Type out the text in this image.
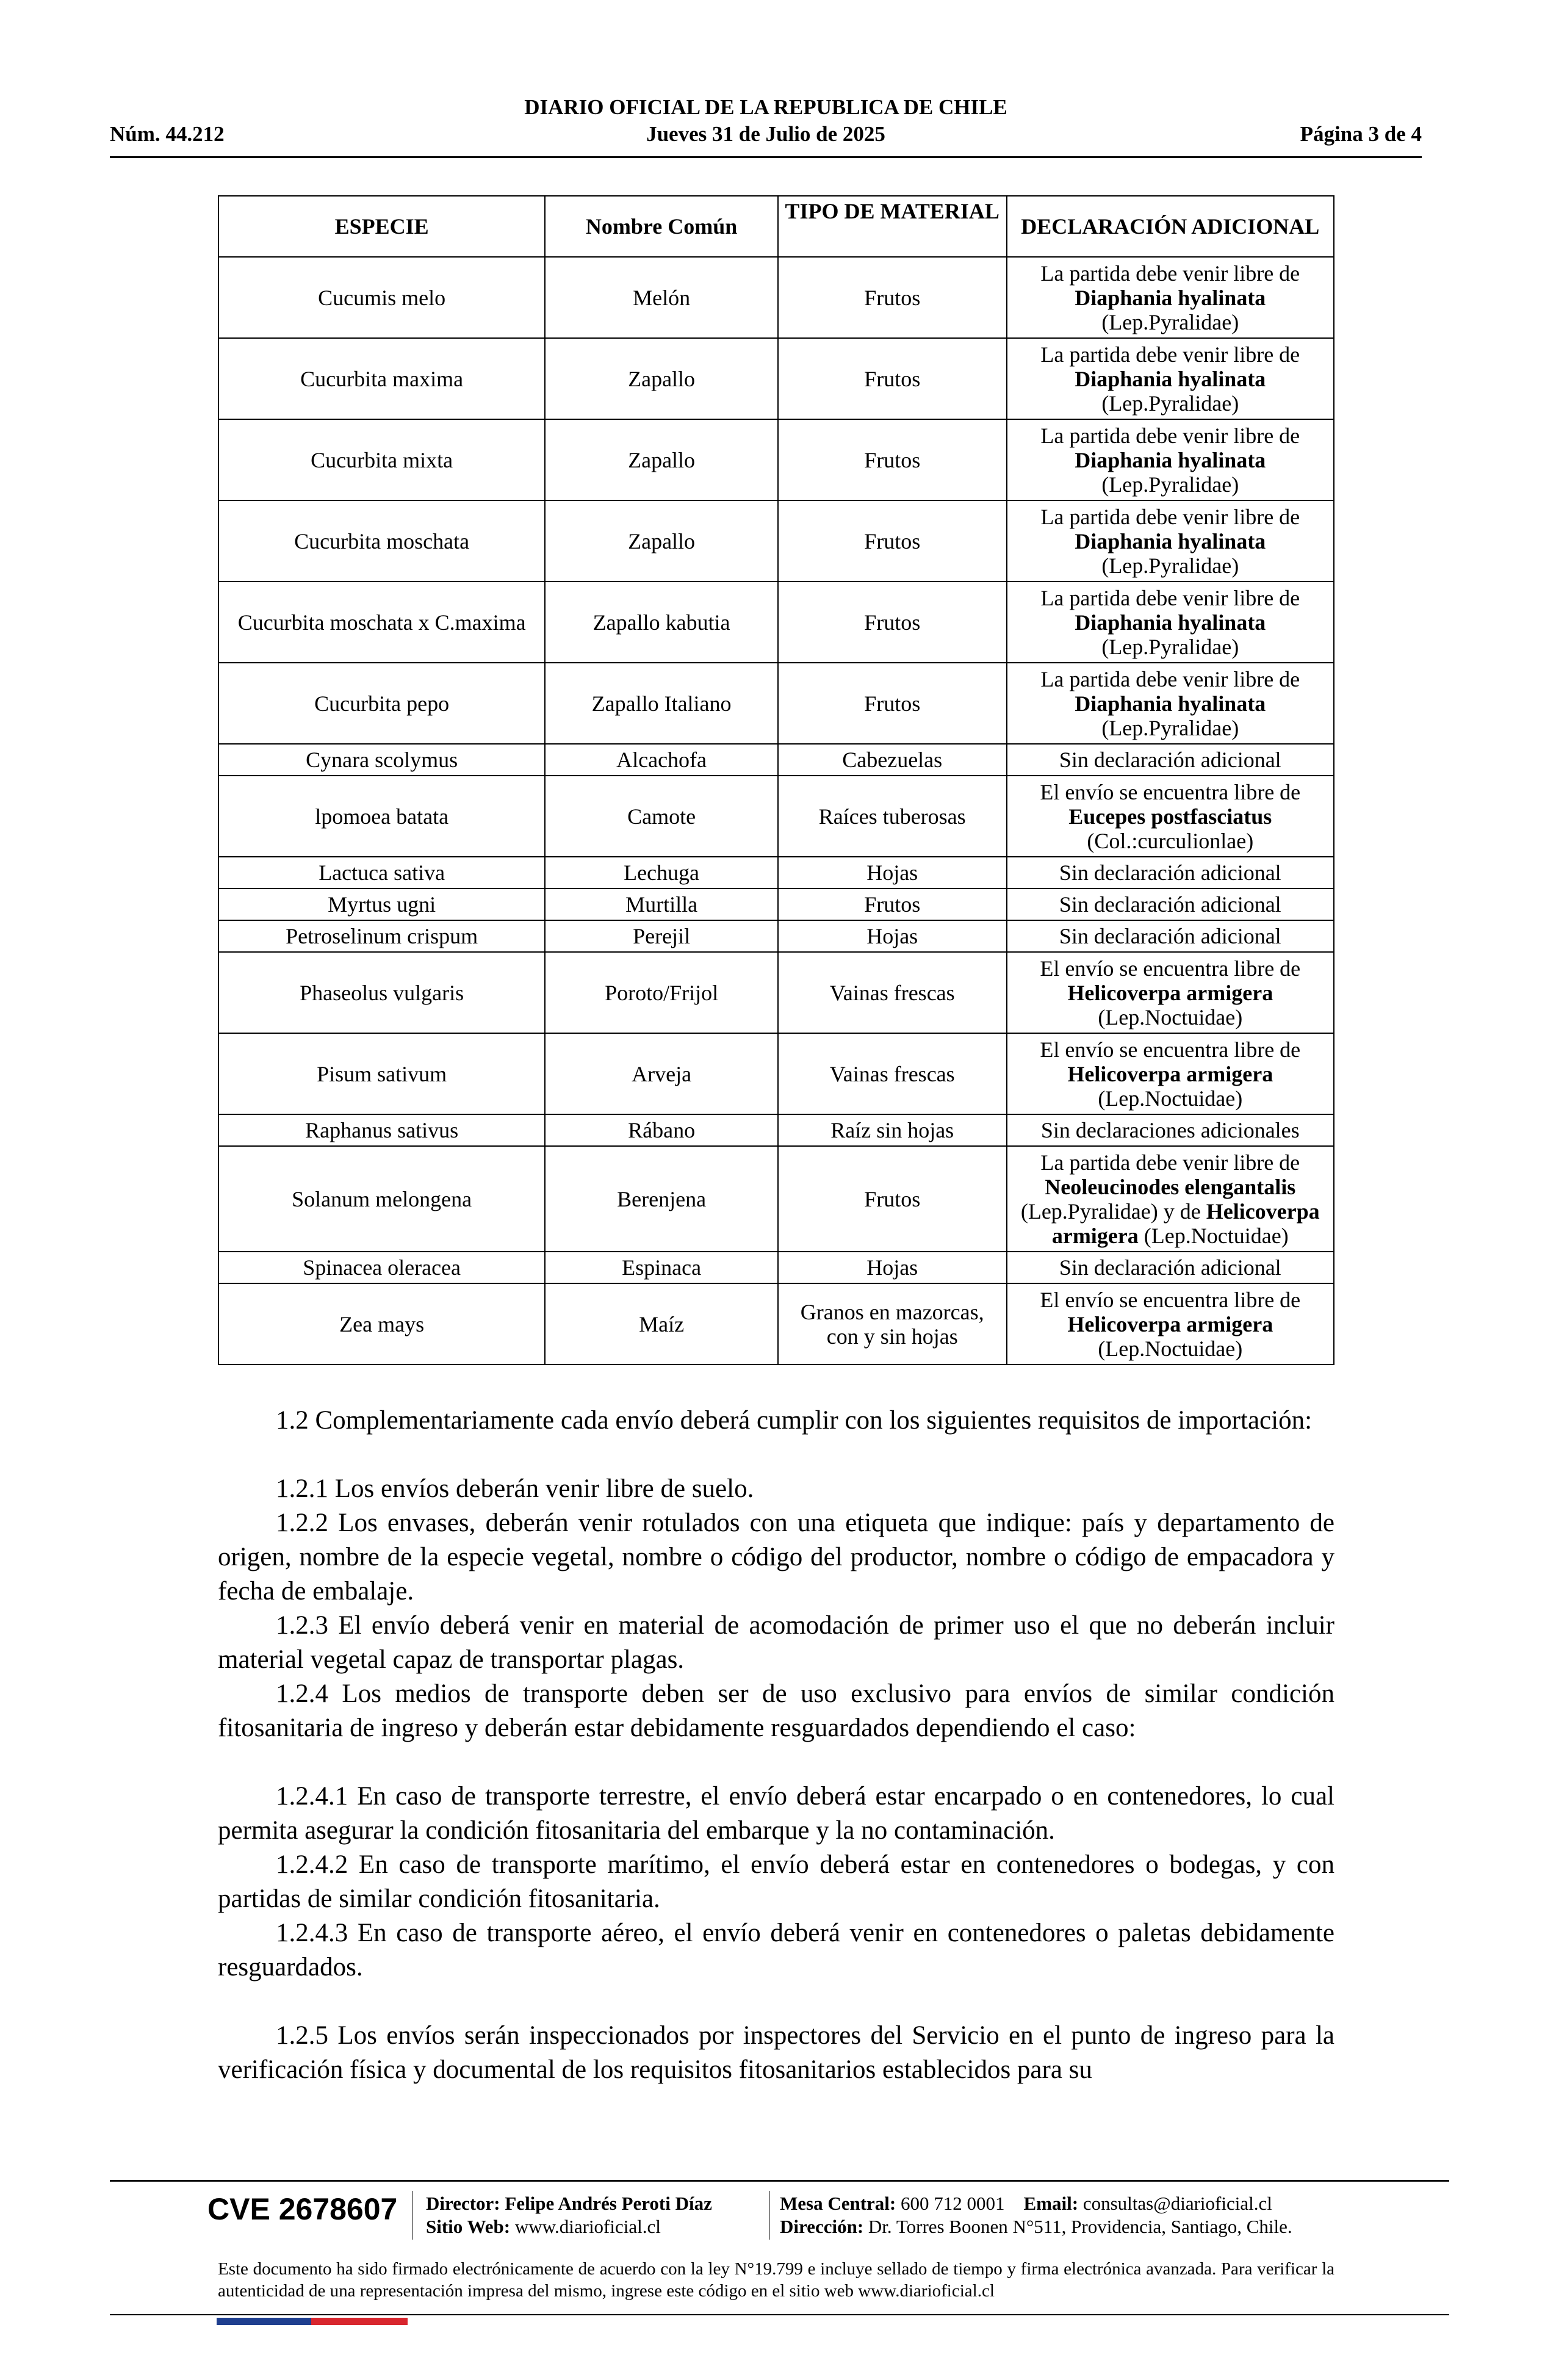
DIARIO OFICIAL DE LA REPUBLICA DE CHILE
Núm. 44.212	Jueves 31 de Julio de 2025	Página 3 de 4
ESPECIE	Nombre Común	TIPO DE MATERIAL	DECLARACIÓN ADICIONAL
Cucumis melo	Melón	Frutos	La partida debe venir libre de
Diaphania hyalinata
(Lep.Pyralidae)
Cucurbita maxima	Zapallo	Frutos	La partida debe venir libre de
Diaphania hyalinata
(Lep.Pyralidae)
Cucurbita mixta	Zapallo	Frutos	La partida debe venir libre de
Diaphania hyalinata
(Lep.Pyralidae)
Cucurbita moschata	Zapallo	Frutos	La partida debe venir libre de
Diaphania hyalinata
(Lep.Pyralidae)
Cucurbita moschata x C.maxima	Zapallo kabutia	Frutos	La partida debe venir libre de
Diaphania hyalinata
(Lep.Pyralidae)
Cucurbita pepo	Zapallo Italiano	Frutos	La partida debe venir libre de
Diaphania hyalinata
(Lep.Pyralidae)
Cynara scolymus	Alcachofa	Cabezuelas	Sin declaración adicional
lpomoea batata	Camote	Raíces tuberosas	El envío se encuentra libre de
Eucepes postfasciatus
(Col.:curculionlae)
Lactuca sativa	Lechuga	Hojas	Sin declaración adicional
Myrtus ugni	Murtilla	Frutos	Sin declaración adicional
Petroselinum crispum	Perejil	Hojas	Sin declaración adicional
Phaseolus vulgaris	Poroto/Frijol	Vainas frescas	El envío se encuentra libre de
Helicoverpa armigera
(Lep.Noctuidae)
Pisum sativum	Arveja	Vainas frescas	El envío se encuentra libre de
Helicoverpa armigera
(Lep.Noctuidae)
Raphanus sativus	Rábano	Raíz sin hojas	Sin declaraciones adicionales
Solanum melongena	Berenjena	Frutos	La partida debe venir libre de
Neoleucinodes elengantalis
(Lep.Pyralidae) y de Helicoverpa armigera (Lep.Noctuidae)
Spinacea oleracea	Espinaca	Hojas	Sin declaración adicional
Zea mays	Maíz	Granos en mazorcas, con y sin hojas	El envío se encuentra libre de
Helicoverpa armigera
(Lep.Noctuidae)

1.2 Complementariamente cada envío deberá cumplir con los siguientes requisitos de importación:

1.2.1 Los envíos deberán venir libre de suelo.

1.2.2 Los envases, deberán venir rotulados con una etiqueta que indique: país y departamento de origen, nombre de la especie vegetal, nombre o código del productor, nombre o código de empacadora y fecha de embalaje.

1.2.3 El envío deberá venir en material de acomodación de primer uso el que no deberán incluir material vegetal capaz de transportar plagas.

1.2.4 Los medios de transporte deben ser de uso exclusivo para envíos de similar condición fitosanitaria de ingreso y deberán estar debidamente resguardados dependiendo el caso:

1.2.4.1 En caso de transporte terrestre, el envío deberá estar encarpado o en contenedores, lo cual permita asegurar la condición fitosanitaria del embarque y la no contaminación.

1.2.4.2 En caso de transporte marítimo, el envío deberá estar en contenedores o bodegas, y con partidas de similar condición fitosanitaria.

1.2.4.3 En caso de transporte aéreo, el envío deberá venir en contenedores o paletas debidamente resguardados.

1.2.5 Los envíos serán inspeccionados por inspectores del Servicio en el punto de ingreso para la verificación física y documental de los requisitos fitosanitarios establecidos para su

CVE 2678607 Director: Felipe Andrés Peroti Díaz
Sitio Web: www.diarioficial.cl
Mesa Central: 600 712 0001 Email: consultas@diarioficial.cl
Dirección: Dr. Torres Boonen N°511, Providencia, Santiago, Chile.
Este documento ha sido firmado electrónicamente de acuerdo con la ley N°19.799 e incluye sellado de tiempo y firma electrónica avanzada. Para verificar la autenticidad de una representación impresa del mismo, ingrese este código en el sitio web www.diarioficial.cl
